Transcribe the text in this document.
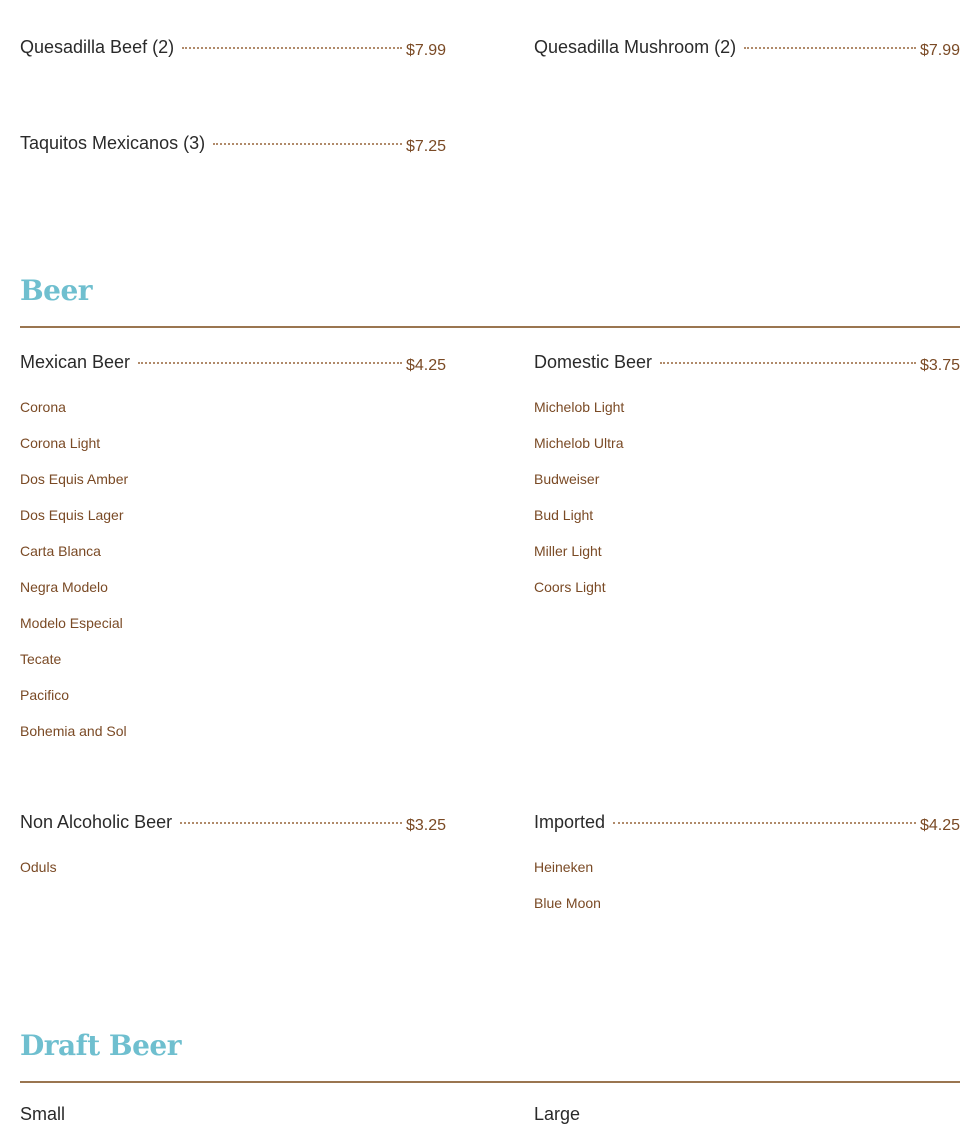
Quesadilla Beef (2)	$7.99	Quesadilla Mushroom (2)	$7.99
Taquitos Mexicanos (3)	$7.25
Beer
Mexican Beer	$4.25
Corona
Corona Light
Dos Equis Amber
Dos Equis Lager
Carta Blanca
Negra Modelo
Modelo Especial
Tecate
Pacifico
Bohemia and Sol
Domestic Beer	$3.75
Michelob Light
Michelob Ultra
Budweiser
Bud Light
Miller Light
Coors Light
Non Alcoholic Beer	$3.25
Oduls
Imported	$4.25
Heineken
Blue Moon
Draft Beer
Small	Large
